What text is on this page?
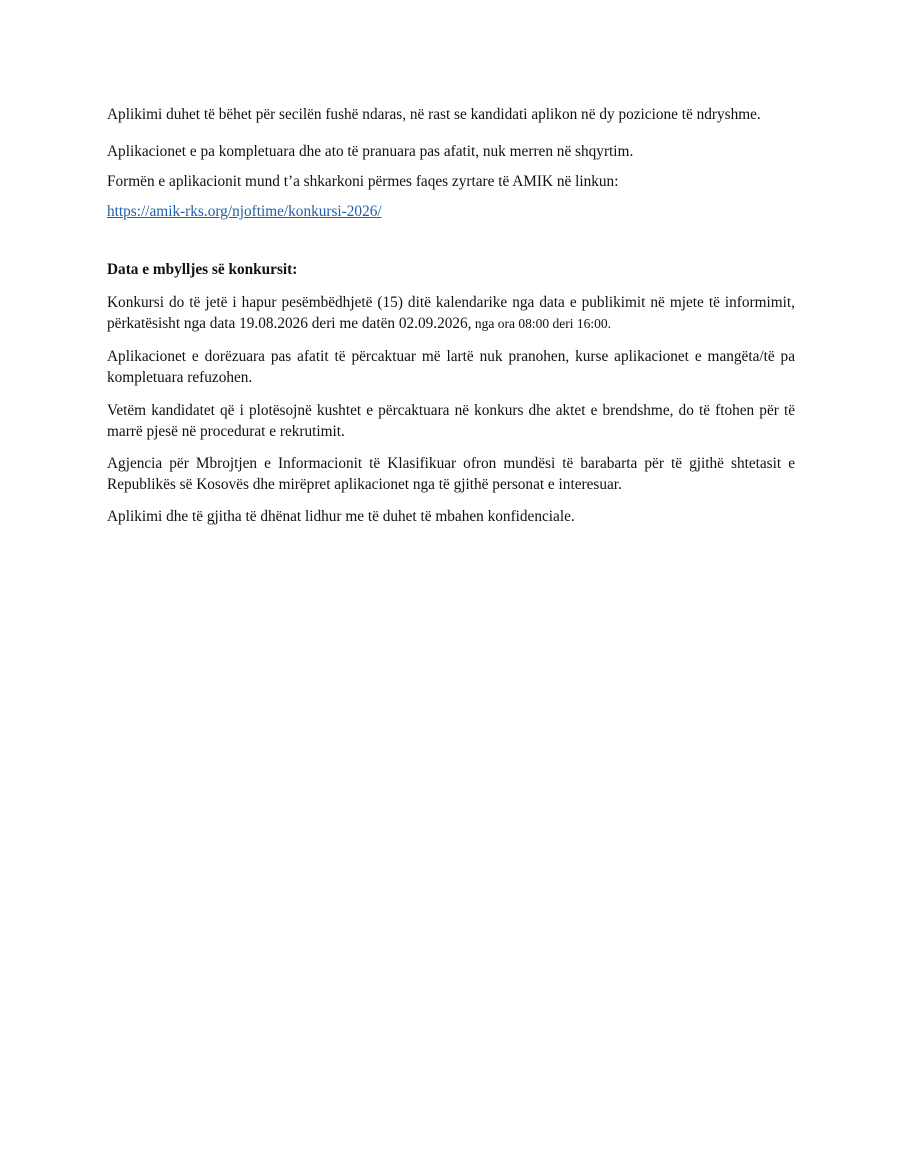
Aplikimi duhet të bëhet për secilën fushë ndaras, në rast se kandidati aplikon në dy pozicione të ndryshme.

Aplikacionet e pa kompletuara dhe ato të pranuara pas afatit, nuk merren në shqyrtim.

Formën e aplikacionit mund t’a shkarkoni përmes faqes zyrtare të AMIK në linkun:

https://amik-rks.org/njoftime/konkursi-2026/

Data e mbylljes së konkursit:

Konkursi do të jetë i hapur pesëmbëdhjetë (15) ditë kalendarike nga data e publikimit në mjete të informimit, përkatësisht nga data 19.08.2026 deri me datën 02.09.2026, nga ora 08:00 deri 16:00.

Aplikacionet e dorëzuara pas afatit të përcaktuar më lartë nuk pranohen, kurse aplikacionet e mangëta/të pa kompletuara refuzohen.

Vetëm kandidatet që i plotësojnë kushtet e përcaktuara në konkurs dhe aktet e brendshme, do të ftohen për të marrë pjesë në procedurat e rekrutimit.

Agjencia për Mbrojtjen e Informacionit të Klasifikuar ofron mundësi të barabarta për të gjithë shtetasit e Republikës së Kosovës dhe mirëpret aplikacionet nga të gjithë personat e interesuar.

Aplikimi dhe të gjitha të dhënat lidhur me të duhet të mbahen konfidenciale.
